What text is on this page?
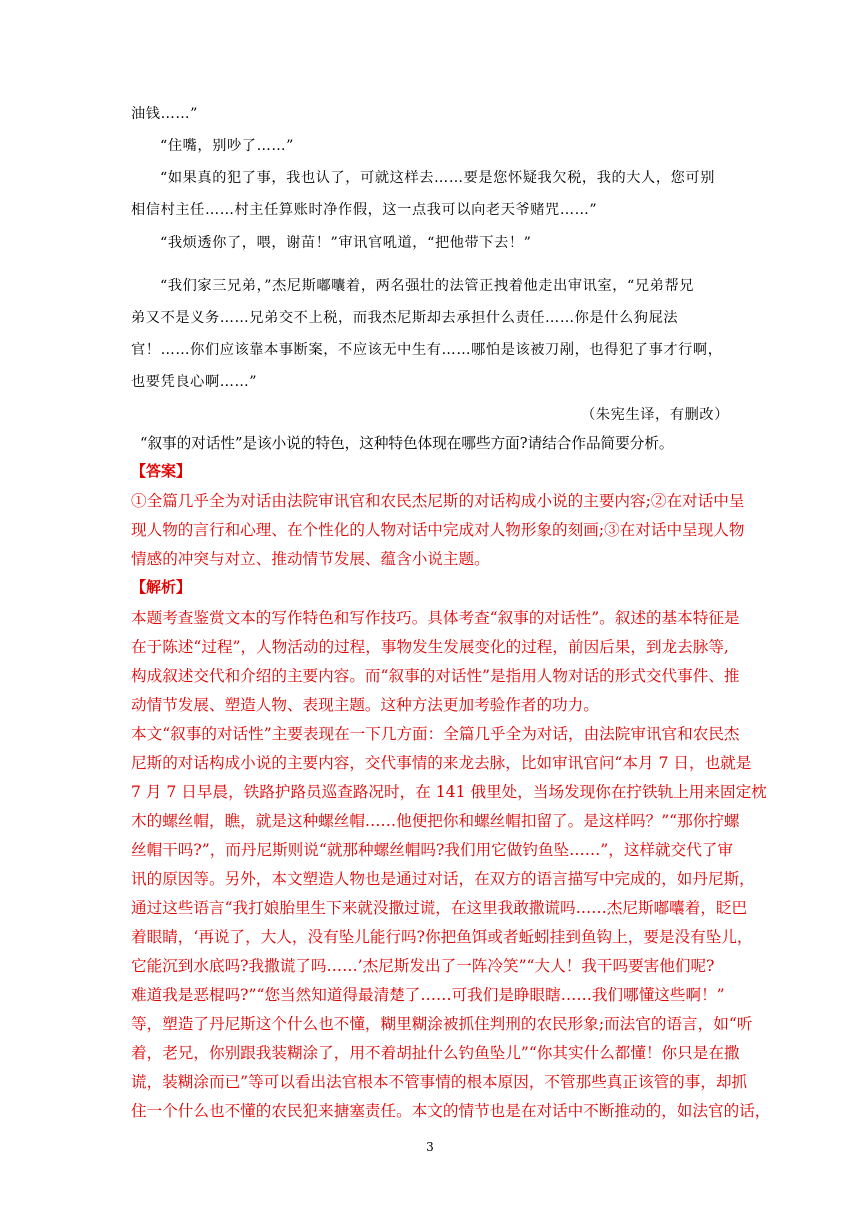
油钱……”
“住嘴，别吵了……”
“如果真的犯了事，我也认了，可就这样去……要是您怀疑我欠税，我的大人，您可别
相信村主任……村主任算账时净作假，这一点我可以向老天爷赌咒……”
“我烦透你了，喂，谢苗！”审讯官吼道，“把他带下去！”
“我们家三兄弟，”杰尼斯嘟囔着，两名强壮的法管正拽着他走出审讯室，“兄弟帮兄
弟又不是义务……兄弟交不上税，而我杰尼斯却去承担什么责任……你是什么狗屁法
官！……你们应该靠本事断案，不应该无中生有……哪怕是该被刀剐，也得犯了事才行啊，
也要凭良心啊……”
（朱宪生译，有删改）
“叙事的对话性”是该小说的特色，这种特色体现在哪些方面?请结合作品简要分析。
【答案】
①全篇几乎全为对话由法院审讯官和农民杰尼斯的对话构成小说的主要内容;②在对话中呈
现人物的言行和心理、在个性化的人物对话中完成对人物形象的刻画;③在对话中呈现人物
情感的冲突与对立、推动情节发展、蕴含小说主题。
【解析】
本题考查鉴赏文本的写作特色和写作技巧。具体考查“叙事的对话性”。叙述的基本特征是
在于陈述“过程”，人物活动的过程，事物发生发展变化的过程，前因后果，到龙去脉等,
构成叙述交代和介绍的主要内容。而“叙事的对话性”是指用人物对话的形式交代事件、推
动情节发展、塑造人物、表现主题。这种方法更加考验作者的功力。
本文“叙事的对话性”主要表现在一下几方面：全篇几乎全为对话，由法院审讯官和农民杰
尼斯的对话构成小说的主要内容，交代事情的来龙去脉，比如审讯官问“本月 7 日，也就是
7 月 7 日早晨，铁路护路员巡查路况时，在 141 俄里处，当场发现你在拧铁轨上用来固定枕
木的螺丝帽，瞧，就是这种螺丝帽……他便把你和螺丝帽扣留了。是这样吗？”“那你拧螺
丝帽干吗?”，而丹尼斯则说“就那种螺丝帽吗?我们用它做钓鱼坠……”，这样就交代了审
讯的原因等。另外，本文塑造人物也是通过对话，在双方的语言描写中完成的，如丹尼斯，
通过这些语言“我打娘胎里生下来就没撒过谎，在这里我敢撒谎吗……杰尼斯嘟囔着，眨巴
着眼睛，‘再说了，大人，没有坠儿能行吗?你把鱼饵或者蚯蚓挂到鱼钩上，要是没有坠儿，
它能沉到水底吗?我撒谎了吗……’杰尼斯发出了一阵冷笑”“大人！我干吗要害他们呢?
难道我是恶棍吗?”“您当然知道得最清楚了……可我们是睁眼瞎……我们哪懂这些啊！”
等，塑造了丹尼斯这个什么也不懂，糊里糊涂被抓住判刑的农民形象;而法官的语言，如“听
着，老兄，你别跟我装糊涂了，用不着胡扯什么钓鱼坠儿”“你其实什么都懂！你只是在撒
谎，装糊涂而已”等可以看出法官根本不管事情的根本原因，不管那些真正该管的事，却抓
住一个什么也不懂的农民犯来搪塞责任。本文的情节也是在对话中不断推动的，如法官的话，
3
